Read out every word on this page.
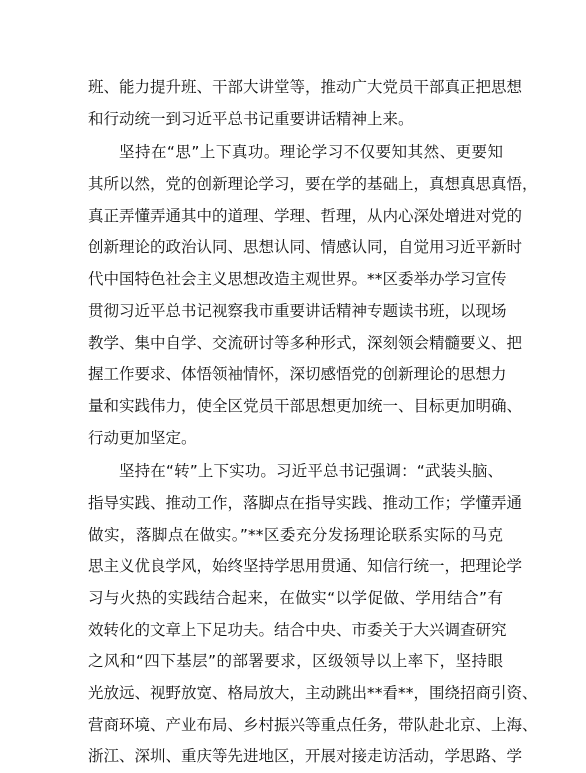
班、能力提升班、干部大讲堂等，推动广大党员干部真正把思想
和行动统一到习近平总书记重要讲话精神上来。
坚持在“思”上下真功。理论学习不仅要知其然、更要知
其所以然，党的创新理论学习，要在学的基础上，真想真思真悟，
真正弄懂弄通其中的道理、学理、哲理，从内心深处增进对党的
创新理论的政治认同、思想认同、情感认同，自觉用习近平新时
代中国特色社会主义思想改造主观世界。**区委举办学习宣传
贯彻习近平总书记视察我市重要讲话精神专题读书班，以现场
教学、集中自学、交流研讨等多种形式，深刻领会精髓要义、把
握工作要求、体悟领袖情怀，深切感悟党的创新理论的思想力
量和实践伟力，使全区党员干部思想更加统一、目标更加明确、
行动更加坚定。
坚持在“转”上下实功。习近平总书记强调：“武装头脑、
指导实践、推动工作，落脚点在指导实践、推动工作；学懂弄通
做实，落脚点在做实。”**区委充分发扬理论联系实际的马克
思主义优良学风，始终坚持学思用贯通、知信行统一，把理论学
习与火热的实践结合起来，在做实“以学促做、学用结合”有
效转化的文章上下足功夫。结合中央、市委关于大兴调查研究
之风和“四下基层”的部署要求，区级领导以上率下，坚持眼
光放远、视野放宽、格局放大，主动跳出**看**，围绕招商引资、
营商环境、产业布局、乡村振兴等重点任务，带队赴北京、上海、
浙江、深圳、重庆等先进地区，开展对接走访活动，学思路、学
